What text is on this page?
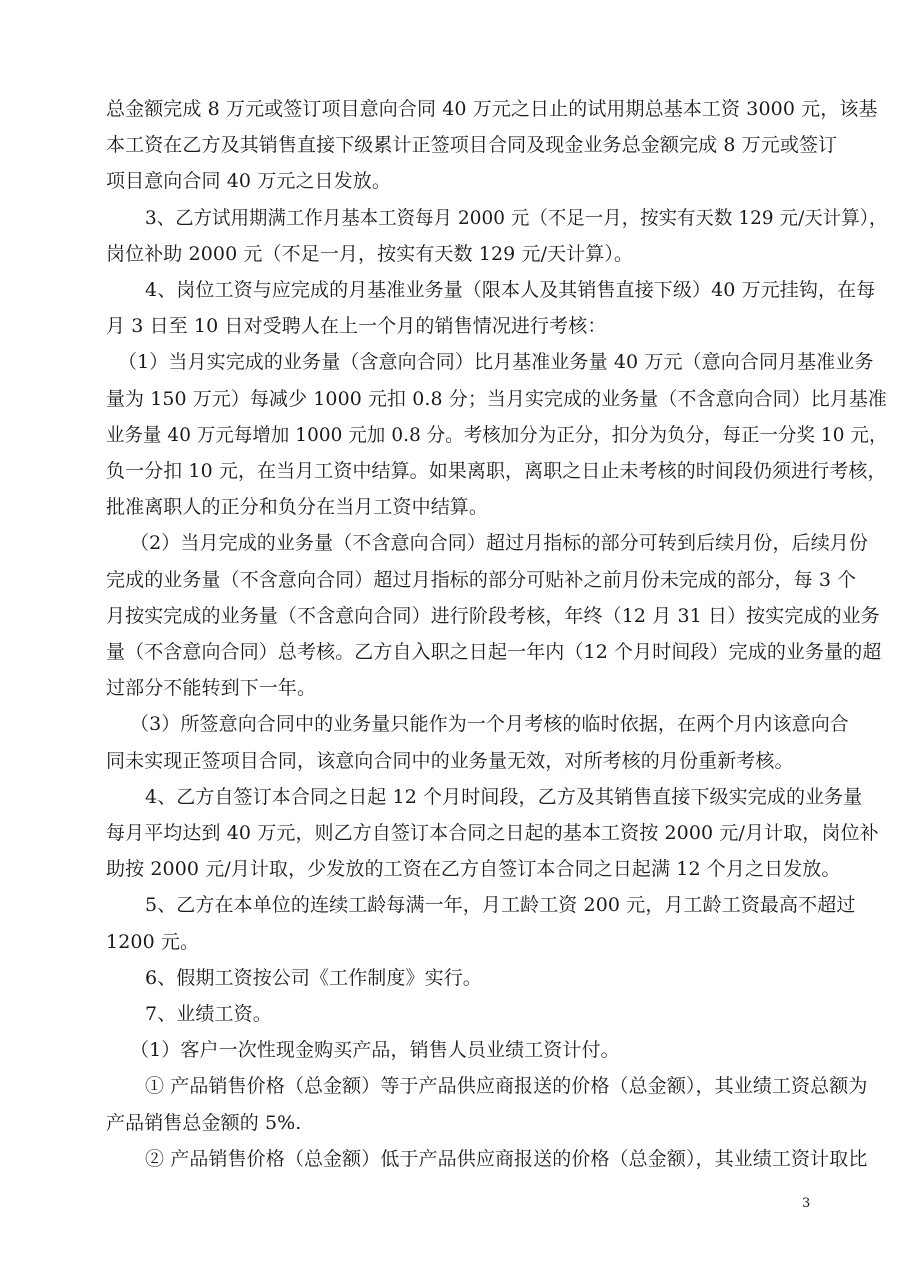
总金额完成 8 万元或签订项目意向合同 40 万元之日止的试用期总基本工资 3000 元，该基
本工资在乙方及其销售直接下级累计正签项目合同及现金业务总金额完成 8 万元或签订
项目意向合同 40 万元之日发放。
3、乙方试用期满工作月基本工资每月 2000 元（不足一月，按实有天数 129 元/天计算），
岗位补助 2000 元（不足一月，按实有天数 129 元/天计算）。
4、岗位工资与应完成的月基准业务量（限本人及其销售直接下级）40 万元挂钩，在每
月 3 日至 10 日对受聘人在上一个月的销售情况进行考核：
（1）当月实完成的业务量（含意向合同）比月基准业务量 40 万元（意向合同月基准业务
量为 150 万元）每减少 1000 元扣 0.8 分；当月实完成的业务量（不含意向合同）比月基准
业务量 40 万元每增加 1000 元加 0.8 分。考核加分为正分，扣分为负分，每正一分奖 10 元，
负一分扣 10 元，在当月工资中结算。如果离职，离职之日止未考核的时间段仍须进行考核，
批准离职人的正分和负分在当月工资中结算。
（2）当月完成的业务量（不含意向合同）超过月指标的部分可转到后续月份，后续月份
完成的业务量（不含意向合同）超过月指标的部分可贴补之前月份未完成的部分，每 3 个
月按实完成的业务量（不含意向合同）进行阶段考核，年终（12 月 31 日）按实完成的业务
量（不含意向合同）总考核。乙方自入职之日起一年内（12 个月时间段）完成的业务量的超
过部分不能转到下一年。
（3）所签意向合同中的业务量只能作为一个月考核的临时依据，在两个月内该意向合
同未实现正签项目合同，该意向合同中的业务量无效，对所考核的月份重新考核。
4、乙方自签订本合同之日起 12 个月时间段，乙方及其销售直接下级实完成的业务量
每月平均达到 40 万元，则乙方自签订本合同之日起的基本工资按 2000 元/月计取，岗位补
助按 2000 元/月计取，少发放的工资在乙方自签订本合同之日起满 12 个月之日发放。
5、乙方在本单位的连续工龄每满一年，月工龄工资 200 元，月工龄工资最高不超过
1200 元。
6、假期工资按公司《工作制度》实行。
7、业绩工资。
（1）客户一次性现金购买产品，销售人员业绩工资计付。
① 产品销售价格（总金额）等于产品供应商报送的价格（总金额），其业绩工资总额为
产品销售总金额的 5%.
② 产品销售价格（总金额）低于产品供应商报送的价格（总金额），其业绩工资计取比
3
